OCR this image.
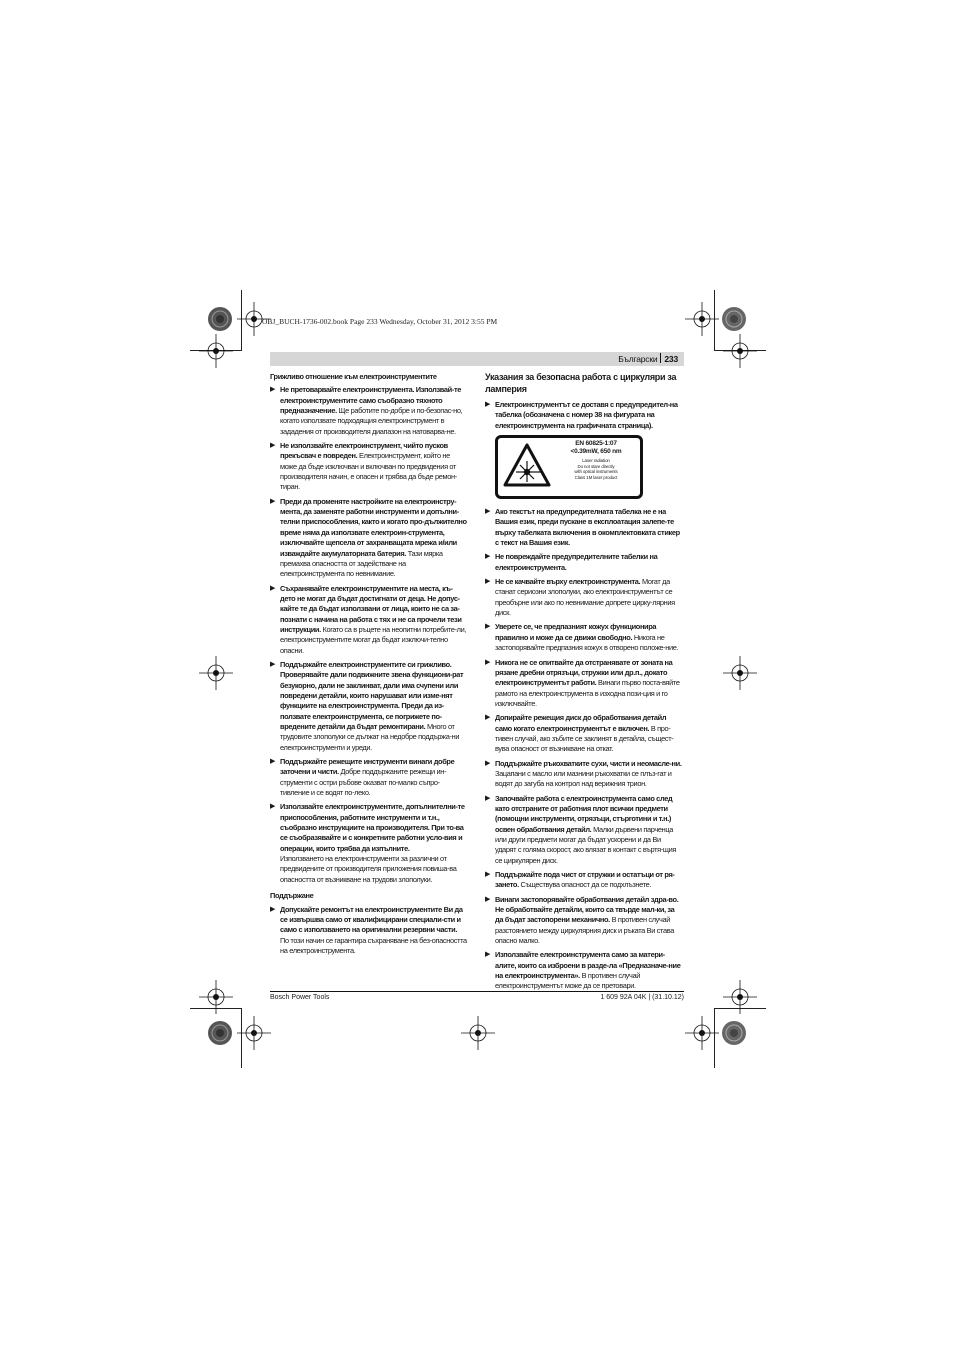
OBJ_BUCH-1736-002.book Page 233 Wednesday, October 31, 2012 3:55 PM
Български 233
Грижливо отношение към електроинструментите
▶ Не претоварвайте електроинструмента. Използвай-те електроинструментите само съобразно тяхното предназначение. Ще работите по-добре и по-безопас-но, когато използвате подходящия електроинструмент в зададения от производителя диапазон на натоварва-не.
▶ Не използвайте електроинструмент, чийто пусков прекъсвач е повреден. Електроинструмент, който не може да бъде изключван и включван по предвидения от производителя начин, е опасен и трябва да бъде ремон-тиран.
▶ Преди да променяте настройките на електроинстру-мента, да заменяте работни инструменти и допълни-телни приспособления, както и когато про-дължително време няма да използвате електроин-струмента, изключвайте щепсела от захранващата мрежа и/или изваждайте акумулаторната батерия. Тази мярка премахва опасността от задействане на електроинструмента по невнимание.
▶ Съхранявайте електроинструментите на места, къ-дето не могат да бъдат достигнати от деца. Не допус-кайте те да бъдат използвани от лица, които не са за-познати с начина на работа с тях и не са прочели тези инструкции. Когато са в ръцете на неопитни потребите-ли, електроинструментите могат да бъдат изключи-телно опасни.
▶ Поддържайте електроинструментите си грижливо. Проверявайте дали подвижните звена функциони-рат безукорно, дали не заклинват, дали има счупени или повредени детайли, които нарушават или изме-нят функциите на електроинструмента. Преди да из-ползвате електроинструмента, се погрижете по-вредените детайли да бъдат ремонтирани. Много от трудовите злополуки се дължат на недобре поддържа-ни електроинструменти и уреди.
▶ Поддържайте режещите инструменти винаги добре заточени и чисти. Добре поддържаните режещи ин-струменти с остри ръбове оказват по-малко съпро-тивление и се водят по-леко.
▶ Използвайте електроинструментите, допълнителни-те приспособления, работните инструменти и т.н., съобразно инструкциите на производителя. При то-ва се съобразявайте и с конкретните работни усло-вия и операции, които трябва да изпълните.
Използването на електроинструменти за различни от предвидените от производителя приложения повиша-ва опасността от възникване на трудови злополуки.
Поддържане
▶ Допускайте ремонтът на електроинструментите Ви да се извършва само от квалифицирани специали-сти и само с използването на оригинални резервни части. По този начин се гарантира съхраняване на без-опасността на електроинструмента.
Указания за безопасна работа с циркуляри за ламперия
▶ Електроинструментът се доставя с предупредител-на табелка (обозначена с номер 38 на фигурата на електроинструмента на графичната страница).
EN 60825-1:07
<0.39mW, 650 nm
Laser radiation
Do not stare directly
with optical instruments
Class 1M laser product
▶ Ако текстът на предупредителната табелка не е на Вашия език, преди пускане в експлоатация залепе-те върху табелката включения в окомплектовката стикер с текст на Вашия език.
▶ Не повреждайте предупредителните табелки на електроинструмента.
▶ Не се качвайте върху електроинструмента. Могат да станат сериозни злополуки, ако електроинструментът се преобърне или ако по невнимание допрете цирку-лярния диск.
▶ Уверете се, че предпазният кожух функционира правилно и може да се движи свободно. Никога не застопорявайте предпазния кожух в отворено положе-ние.
▶ Никога не се опитвайте да отстранявате от зоната на рязане дребни отрязъци, стружки или др.п., докато електроинструментът работи. Винаги първо поста-вяйте рамото на електроинструмента в изходна пози-ция и го изключвайте.
▶ Допирайте режещия диск до обработвания детайл само когато електроинструментът е включен. В про-тивен случай, ако зъбите се заклинят в детайла, същест-вува опасност от възникване на откат.
▶ Поддържайте ръкохватките сухи, чисти и неомасле-ни. Зацапани с масло или мазнини ръкохватки се плъз-гат и водят до загуба на контрол над верижния трион.
▶ Започвайте работа с електроинструмента само след като отстраните от работния плот всички предмети (помощни инструменти, отрязъци, стърготини и т.н.) освен обработвания детайл. Малки дървени парченца или други предмети могат да бъдат ускорени и да Ви ударят с голяма скорост, ако влязат в контакт с въртя-щия се циркулярен диск.
▶ Поддържайте пода чист от стружки и остатъци от ря-зането. Съществува опасност да се подхлъзнете.
▶ Винаги застопорявайте обработвания детайл здра-во. Не обработвайте детайли, които са твърде мал-ки, за да бъдат застопорени механично. В противен случай разстоянието между циркулярния диск и ръката Ви става опасно малко.
▶ Използвайте електроинструмента само за матери-алите, които са изброени в разде-ла «Предназначе-ние на електроинструмента». В противен случай електроинструментът може да се претовари.
Bosch Power Tools	1 609 92A 04K | (31.10.12)
